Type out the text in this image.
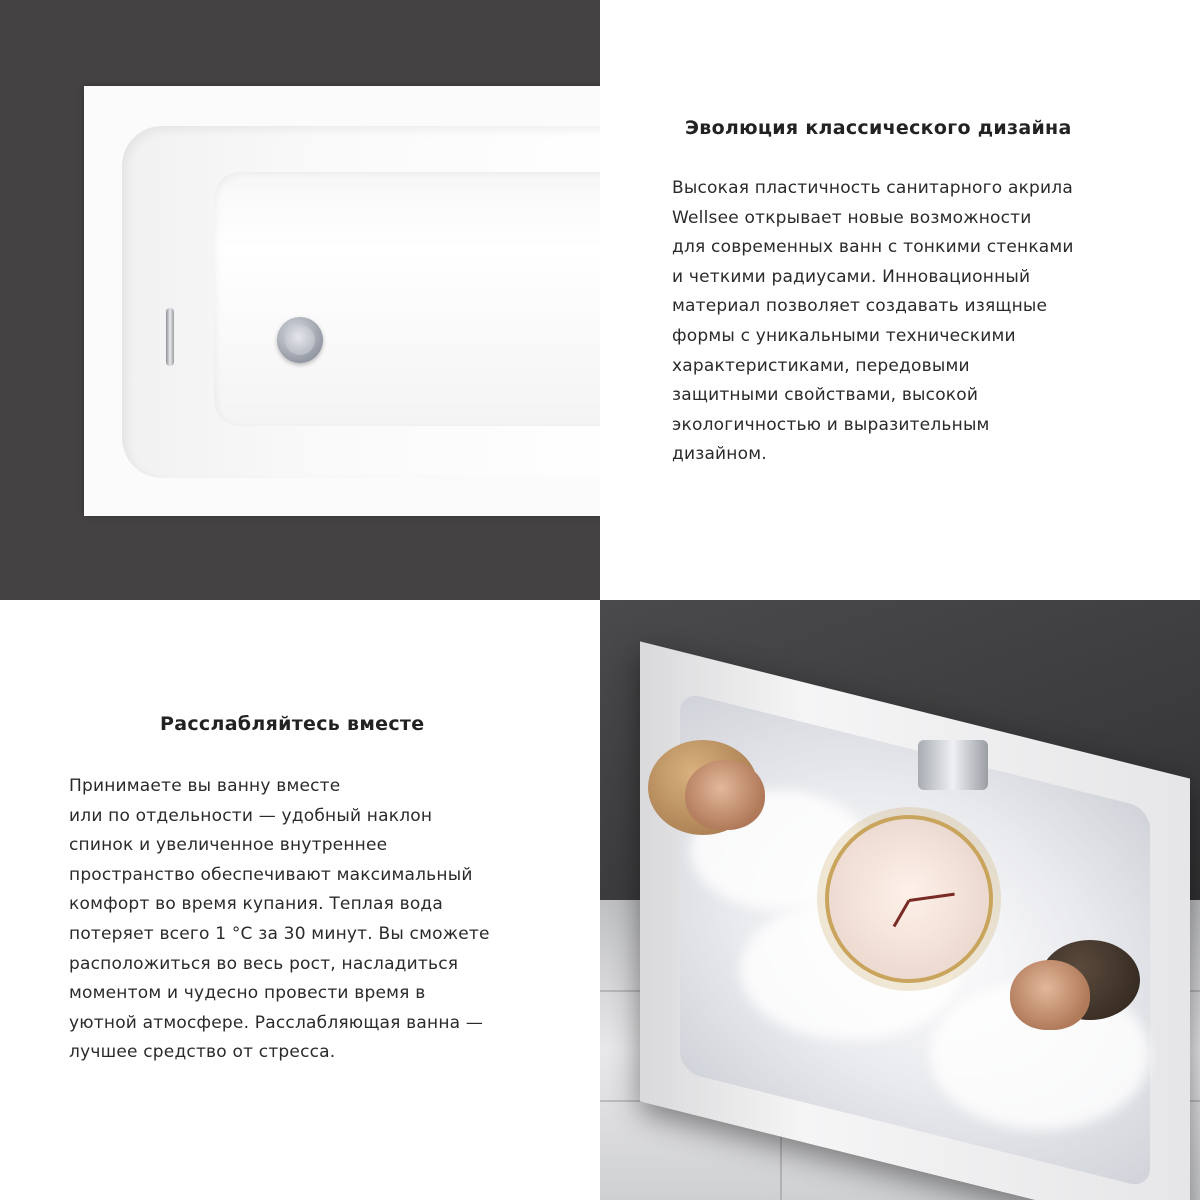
Эволюция классического дизайна

Высокая пластичность санитарного акрила
Wellsee открывает новые возможности
для современных ванн с тонкими стенками
и четкими радиусами. Инновационный
материал позволяет создавать изящные
формы с уникальными техническими
характеристиками, передовыми
защитными свойствами, высокой
экологичностью и выразительным
дизайном.

Расслабляйтесь вместе

Принимаете вы ванну вместе
или по отдельности — удобный наклон
спинок и увеличенное внутреннее
пространство обеспечивают максимальный
комфорт во время купания. Теплая вода
потеряет всего 1 °C за 30 минут. Вы сможете
расположиться во весь рост, насладиться
моментом и чудесно провести время в
уютной атмосфере. Расслабляющая ванна —
лучшее средство от стресса.
